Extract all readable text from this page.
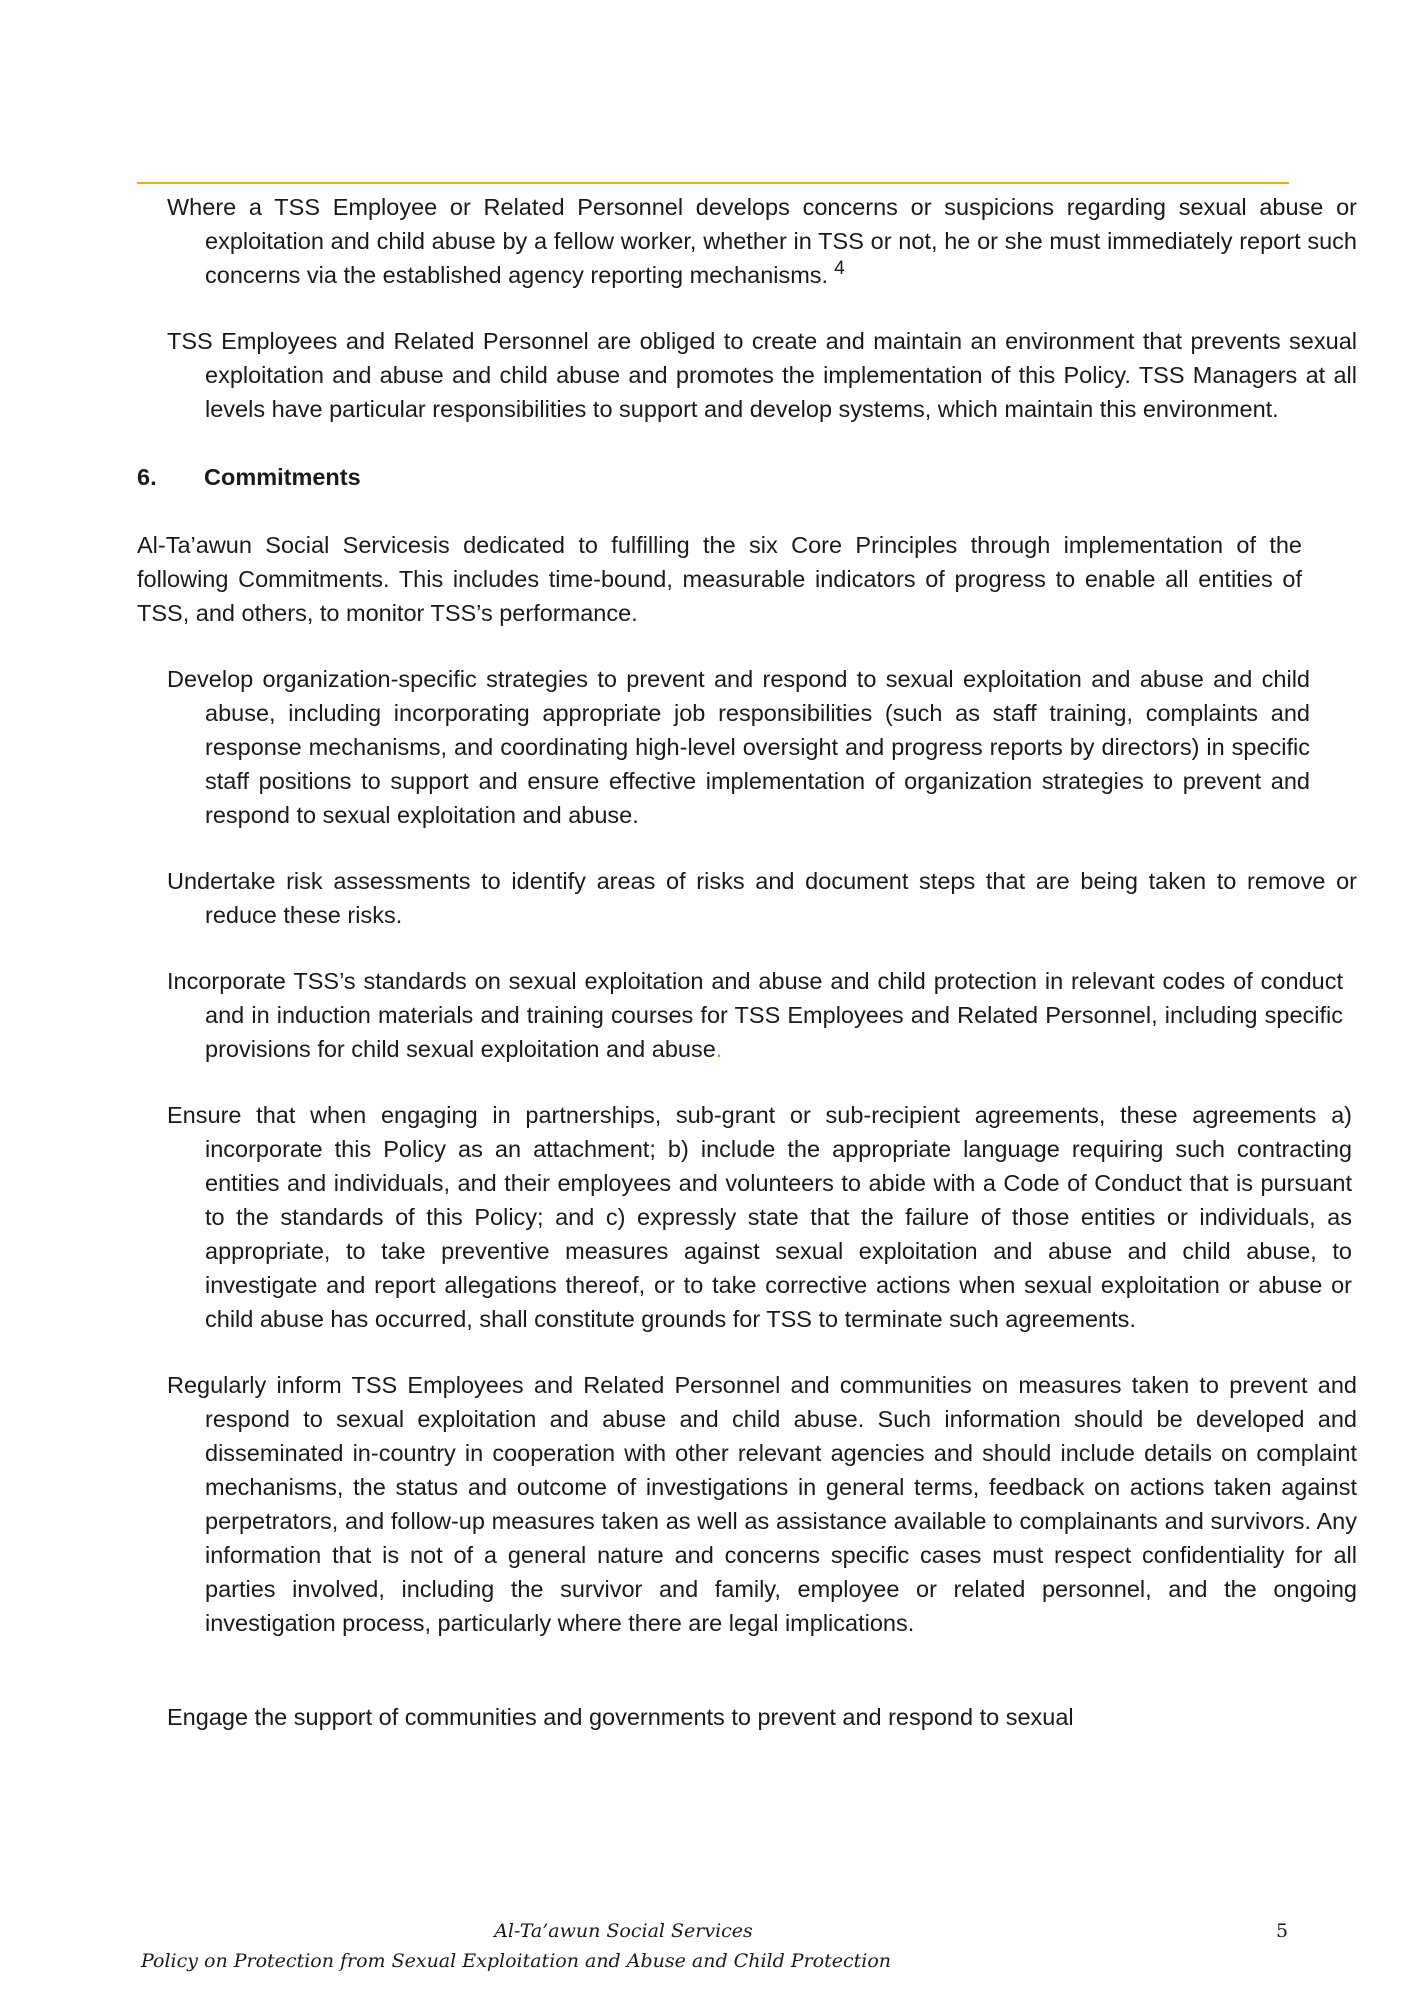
Where a TSS Employee or Related Personnel develops concerns or suspicions regarding sexual abuse or exploitation and child abuse by a fellow worker, whether in TSS or not, he or she must immediately report such concerns via the established agency reporting mechanisms. $^4$

TSS Employees and Related Personnel are obliged to create and maintain an environment that prevents sexual exploitation and abuse and child abuse and promotes the implementation of this Policy. TSS Managers at all levels have particular responsibilities to support and develop systems, which maintain this environment.

6.	Commitments

Al-Ta’awun Social Servicesis dedicated to fulfilling the six Core Principles through implementation of the following Commitments. This includes time-bound, measurable indicators of progress to enable all entities of TSS, and others, to monitor TSS’s performance.

Develop organization-specific strategies to prevent and respond to sexual exploitation and abuse and child abuse, including incorporating appropriate job responsibilities (such as staff training, complaints and response mechanisms, and coordinating high-level oversight and progress reports by directors) in specific staff positions to support and ensure effective implementation of organization strategies to prevent and respond to sexual exploitation and abuse.

Undertake risk assessments to identify areas of risks and document steps that are being taken to remove or reduce these risks.

Incorporate TSS’s standards on sexual exploitation and abuse and child protection in relevant codes of conduct and in induction materials and training courses for TSS Employees and Related Personnel, including specific provisions for child sexual exploitation and abuse.

Ensure that when engaging in partnerships, sub-grant or sub-recipient agreements, these agreements a) incorporate this Policy as an attachment; b) include the appropriate language requiring such contracting entities and individuals, and their employees and volunteers to abide with a Code of Conduct that is pursuant to the standards of this Policy; and c) expressly state that the failure of those entities or individuals, as appropriate, to take preventive measures against sexual exploitation and abuse and child abuse, to investigate and report allegations thereof, or to take corrective actions when sexual exploitation or abuse or child abuse has occurred, shall constitute grounds for TSS to terminate such agreements.

Regularly inform TSS Employees and Related Personnel and communities on measures taken to prevent and respond to sexual exploitation and abuse and child abuse. Such information should be developed and disseminated in-country in cooperation with other relevant agencies and should include details on complaint mechanisms, the status and outcome of investigations in general terms, feedback on actions taken against perpetrators, and follow-up measures taken as well as assistance available to complainants and survivors. Any information that is not of a general nature and concerns specific cases must respect confidentiality for all parties involved, including the survivor and family, employee or related personnel, and the ongoing investigation process, particularly where there are legal implications.

Engage the support of communities and governments to prevent and respond to sexual

Al-Ta’awun Social Services	5
Policy on Protection from Sexual Exploitation and Abuse and Child Protection
